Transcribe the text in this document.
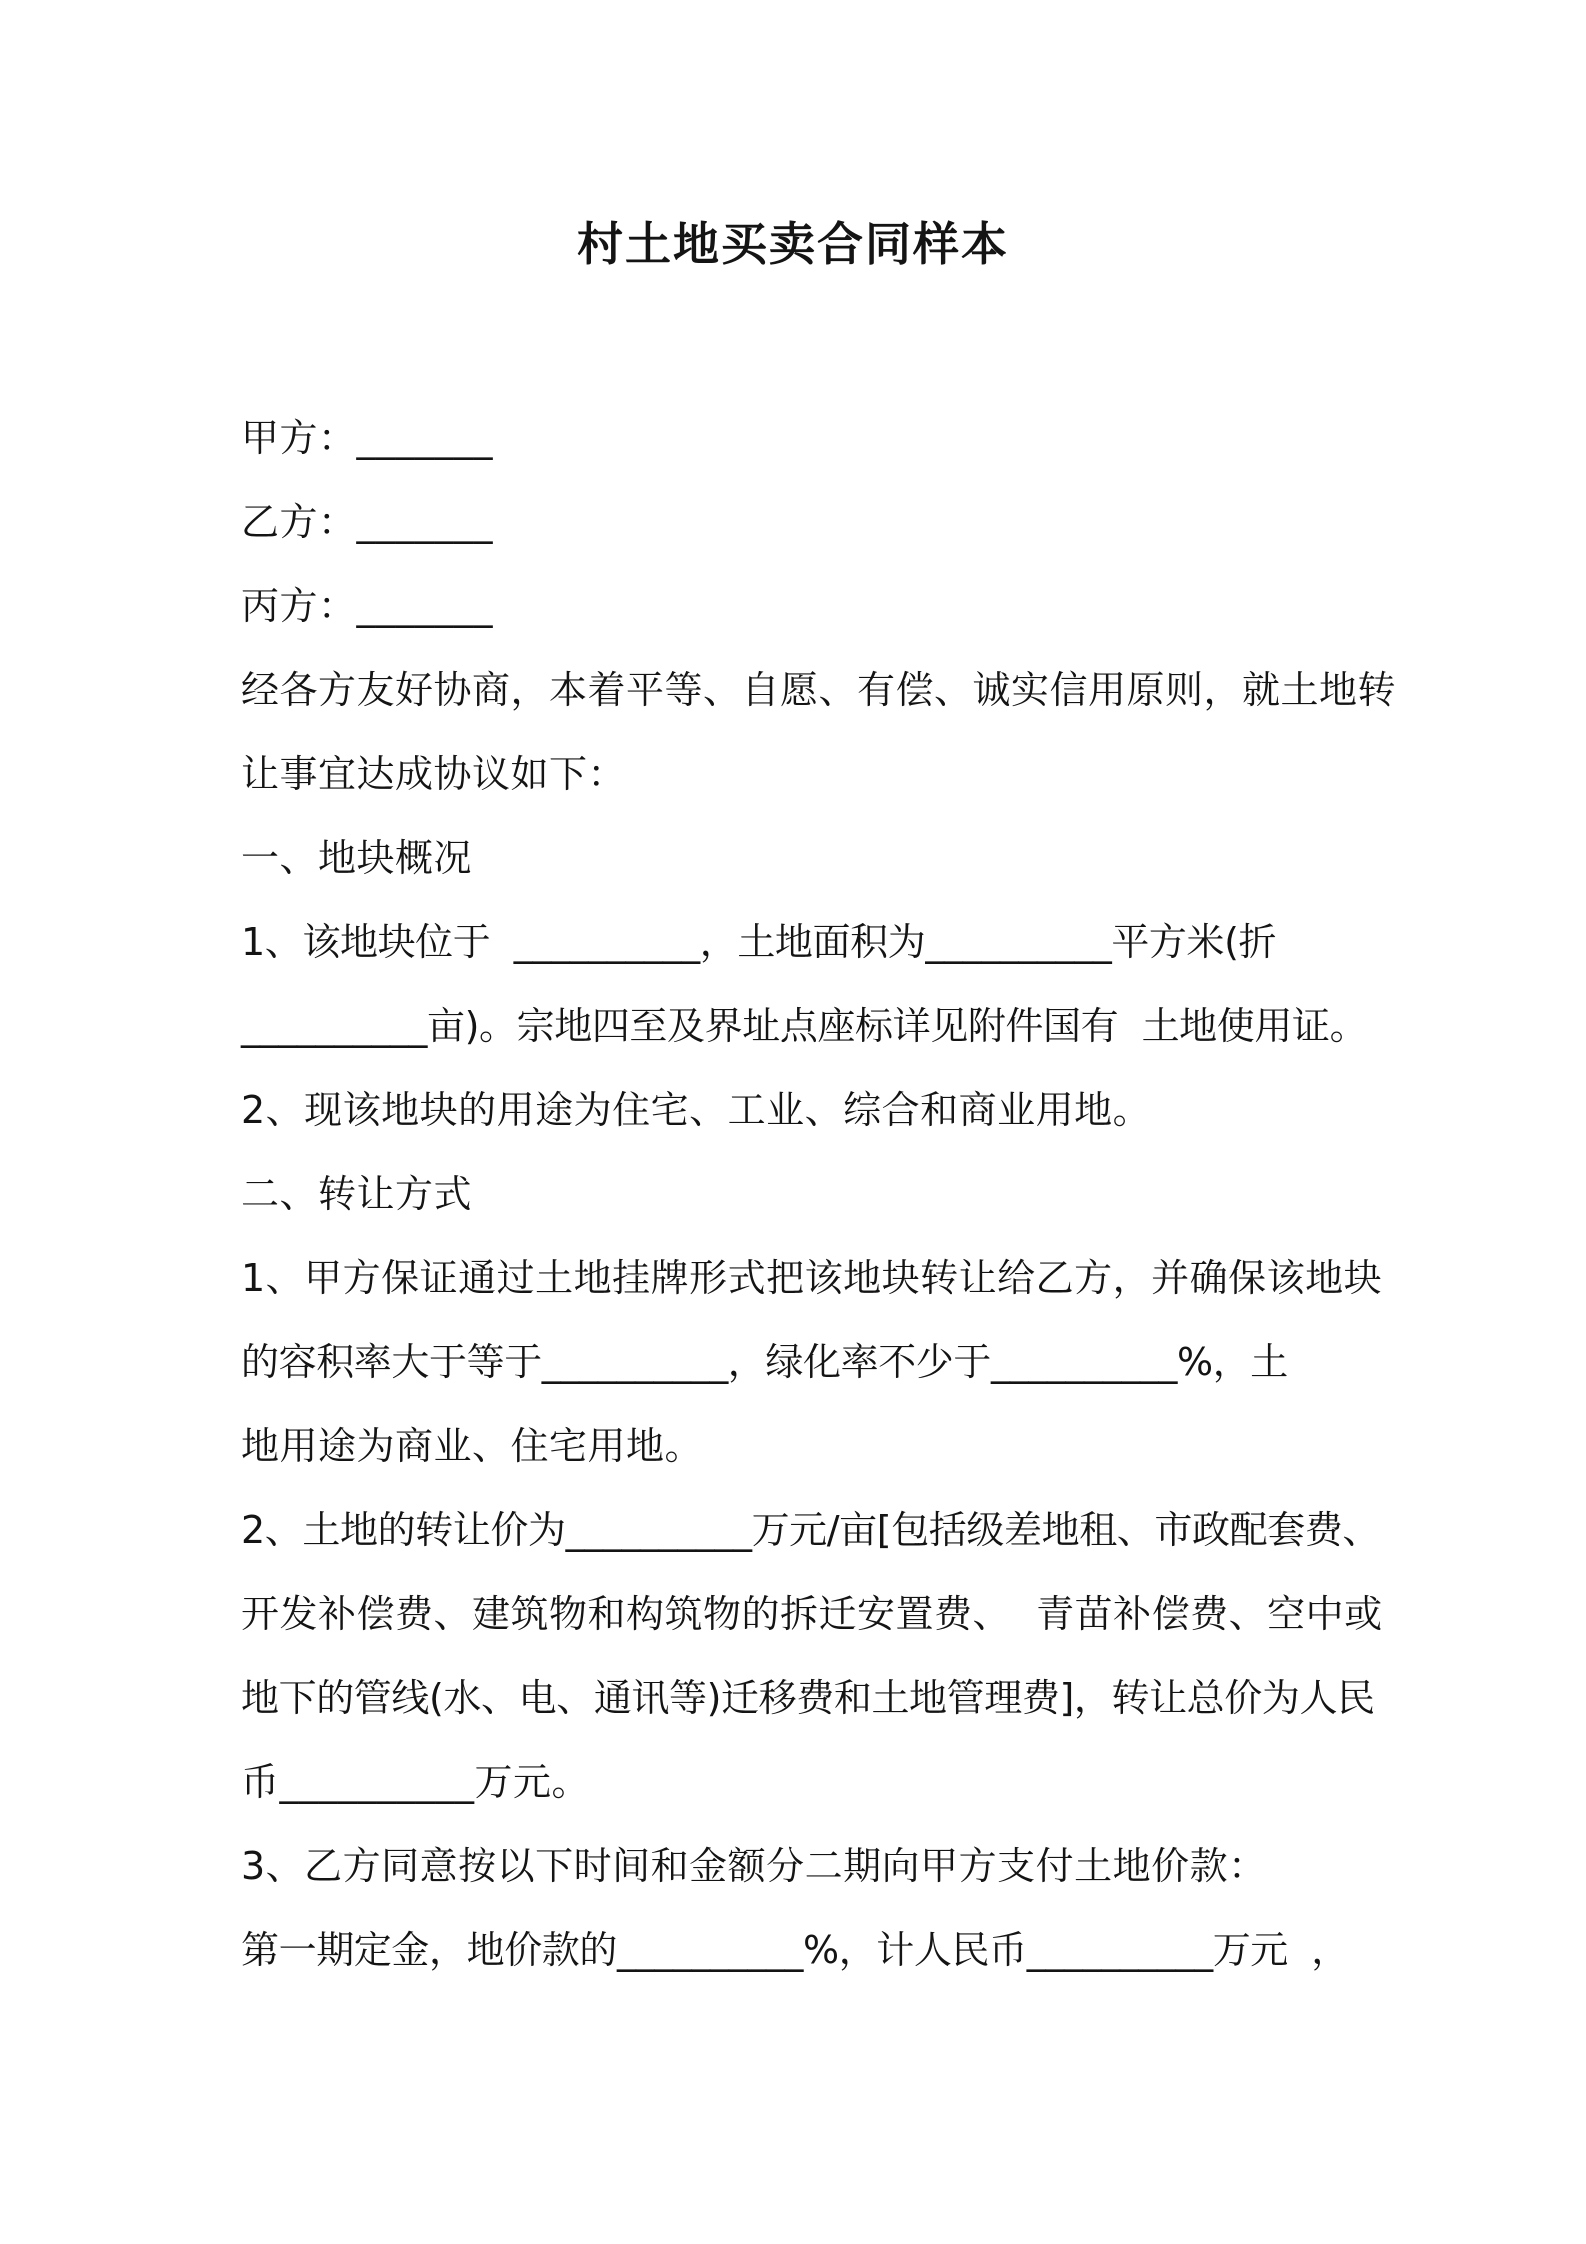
村土地买卖合同样本
甲方：_______
乙方：_______
丙方：_______
经各方友好协商，本着平等、自愿、有偿、诚实信用原则，就土地转
让事宜达成协议如下：
一、地块概况
1、该地块位于  __________，土地面积为__________平方米(折
__________亩)。宗地四至及界址点座标详见附件国有  土地使用证。
2、现该地块的用途为住宅、工业、综合和商业用地。
二、转让方式
1、甲方保证通过土地挂牌形式把该地块转让给乙方，并确保该地块
的容积率大于等于__________，绿化率不少于__________%，土
地用途为商业、住宅用地。
2、土地的转让价为__________万元/亩[包括级差地租、市政配套费、
开发补偿费、建筑物和构筑物的拆迁安置费、  青苗补偿费、空中或
地下的管线(水、电、通讯等)迁移费和土地管理费]，转让总价为人民
币__________万元。
3、乙方同意按以下时间和金额分二期向甲方支付土地价款：
第一期定金，地价款的__________%，计人民币__________万元  ，
